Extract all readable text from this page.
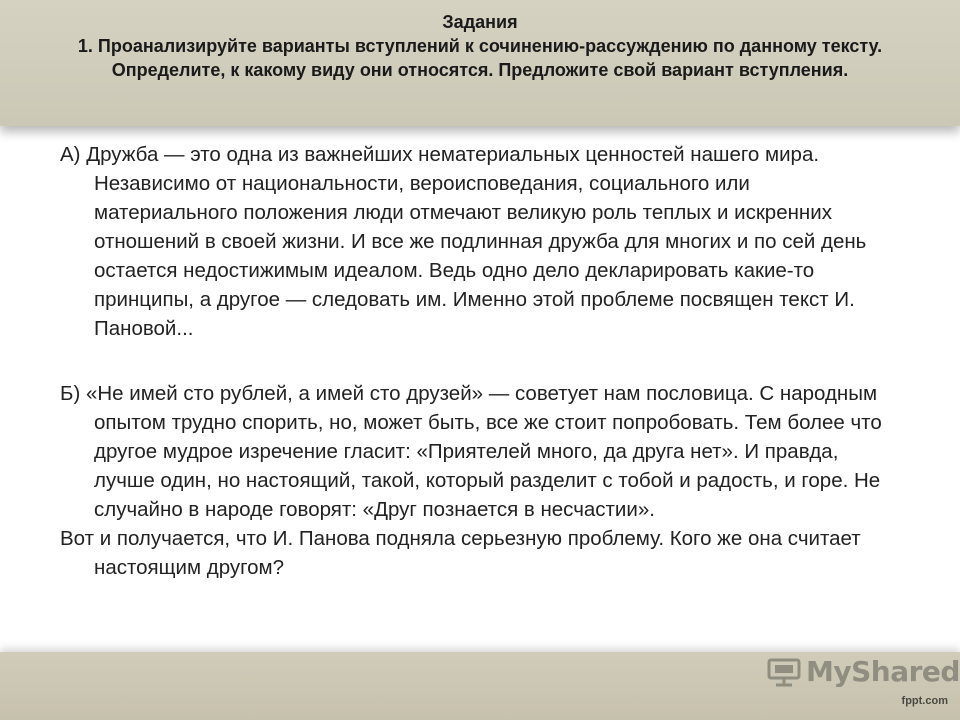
Задания
1. Проанализируйте варианты вступлений к сочинению-рассуждению по данному тексту. Определите, к какому виду они относятся. Предложите свой вариант вступления.

А) Дружба — это одна из важнейших нематериальных ценностей нашего мира. Независимо от национальности, вероисповедания, социального или материального положения люди отмечают великую роль теплых и искренних отношений в своей жизни. И все же подлинная дружба для многих и по сей день остается недостижимым идеалом. Ведь одно дело декларировать какие-то принципы, а другое — следовать им. Именно этой проблеме посвящен текст И. Пановой...

Б) «Не имей сто рублей, а имей сто друзей» — советует нам пословица. С народным опытом трудно спорить, но, может быть, все же стоит попробовать. Тем более что другое мудрое изречение гласит: «Приятелей много, да друга нет». И правда, лучше один, но настоящий, такой, который разделит с тобой и радость, и горе. Не случайно в народе говорят: «Друг познается в несчастии».
Вот и получается, что И. Панова подняла серьезную проблему. Кого же она считает настоящим другом?

MyShared
fppt.com
